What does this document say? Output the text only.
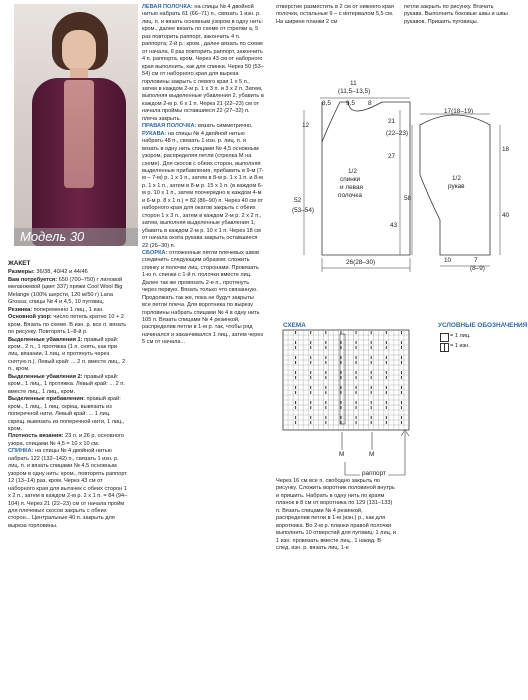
Модель 30

ЖАКЕТ

Размеры: 36/38, 40/42 и 44/46

Вам потребуется: 650 (700–750) г лиловой меланжевой (цвет 337) пряжи Cool Wool Big Melange (100% шерсти, 120 м/50 г) Lana Grossa; спицы № 4 и 4,5, 10 пуговиц.

Резинка: попеременно 1 лиц., 1 изн.

Основной узор: число петель кратно 10 + 2 кром. Вязать по схеме. В изн. р. все п. вязать по рисунку. Повторять 1–8-й р.

Выделенные убавления 1: правый край: кром., 2 п., 1 протяжка (1 п. снять, как при лиц. вязании, 1 лиц. и протянуть через снятую п.). Левый край: ... 2 п. вместе лиц., 2 п., кром.

Выделенные убавления 2: правый край: кром., 1 лиц., 1 протяжка. Левый край: ... 2 п. вместе лиц., 1 лиц., кром.

Выделенные прибавления: правый край: кром., 1 лиц., 1 лиц. скрещ. вывязать из поперечной нити. Левый край: ... 1 лиц. скрещ. вывязать из поперечной нити, 1 лиц., кром.

Плотность вязания: 23 п. и 26 р. основного узора, спицами № 4,5 = 10 х 10 см.

СПИНКА: на спицы № 4 двойной нитью набрать 122 (132–142) п., связать 1 изн. р. лиц. п. и вязать спицами № 4,5 основным узором в одну нить: кром., повторять раппорт 12 (13–14) раз, кром. Через 43 см от наборного края для вытачек с обеих сторон 1 х 2 п., затем в каждом 2-м р. 2 х 1 п. = 84 (94–104) п. Через 21 (22–23) см от начала пройм для плечевых скосов закрыть с обеих сторон... Центральные 40 п. закрыть для выреза горловины.

ЛЕВАЯ ПОЛОЧКА: на спицы № 4 двойной нитью набрать 61 (66–71) п., связать 1 изн. р. лиц. п. и вязать основным узором в одну нить: кром., далее вязать по схеме от стрелки а, 5 раз повторить раппорт, закончить 4 п. раппорта; 2-й р.: кром., далее вязать по схеме от начала, 6 раз повторить раппорт, закончить 4 п. раппорта, кром. Через 43 см от наборного края выполнить, как для спинки. Через 50 (53–54) см от наборного края для выреза горловины закрыть с левого края 1 х 5 п., затем в каждом 2-м р. 1 х 3 п. и 3 х 2 п. Затем, выполняя выделенные убавления 2, убавить в каждом 2-м р. 6 х 1 п. Через 21 (22–23) см от начала проймы оставшиеся 22 (27–32) п. плеча закрыть.

ПРАВАЯ ПОЛОЧКА: вязать симметрично.

РУКАВА: на спицы № 4 двойной нитью набрать 48 п., связать 1 изн. р. лиц. п. и вязать в одну нить спицами № 4,5 основным узором, распределяя петли (стрелка М на схеме). Для скосов с обеих сторон, выполняя выделенные прибавления, прибавить в 9-м (7-м – 7-м) р. 1 х 1 п., затем в 8-м р. 1 х 1 п. и 8-м р. 1 х 1 п., затем в 8-м р. 15 х 1 п. (в каждом 6-м р. 10 х 1 п., затем поочередно в каждом 4-м и 6-м р. 8 х 1 п.) = 82 (86–90) п. Через 40 см от наборного края для окатов закрыть с обеих сторон 1 х 3 п., затем в каждом 2-м р. 2 х 2 п., затем, выполняя выделенные убавления 1, убавить в каждом 2-м р. 10 х 1 п. Через 18 см от начала оката рукава закрыть оставшиеся 22 (26–30) п.

СБОРКА: отложенные петли плечевых швов соединить следующим образом: сложить спинку и полочки лиц. сторонами. Провязать 1-ю п. спинки с 1-й п. полочки вместе лиц. Далее так же провязать 2-е п., протянуть через первую. Вязать только что связанную. Продолжать так же, пока не будут закрыты все петли плеча. Для воротника по вырезу горловины набрать спицами № 4 в одну нить 105 п. Вязать спицами № 4 резинкой, распределив петли в 1-м р. так, чтобы ряд начинался и заканчивался 1 лиц., затем через 5 см от начала...

отверстие разместить в 2 см от нижнего края полочки, остальные 9 – с интервалом 5,5 см. На ширине планки 2 см

Через 16 см все п. свободно закрыть по рисунку. Сложить воротник половиной внутрь и пришить. Набрать в одну нить по краям планок в 8 см от воротника по 129 (131–133) п. Вязать спицами № 4 резинкой, распределив петли в 1-м (изн.) р., как для воротника. Во 2-м р. планки правой полочки выполнить 10 отверстий для пуговиц: 1 лиц. и 1 изн. провязать вместе лиц., 1 накид. В след. изн. р. вязать лиц. 1-е

петли закрыть по рисунку. Втачать рукава. Выполнить боковые швы и швы рукавов. Пришить пуговицы.

(11,5–13,5)
11
8,5 9,5 8
12
21
(22–23)
27
52
(53–54)
43
1/2
спинки
и левая
полочка
26(28–30)
17(18–19)
58
18
40
1/2
рукав
10	7
(8–9)
СХЕМА
М	М
раппорт
УСЛОВНЫЕ ОБОЗНАЧЕНИЯ
= 1 лиц.
= 1 изн.
